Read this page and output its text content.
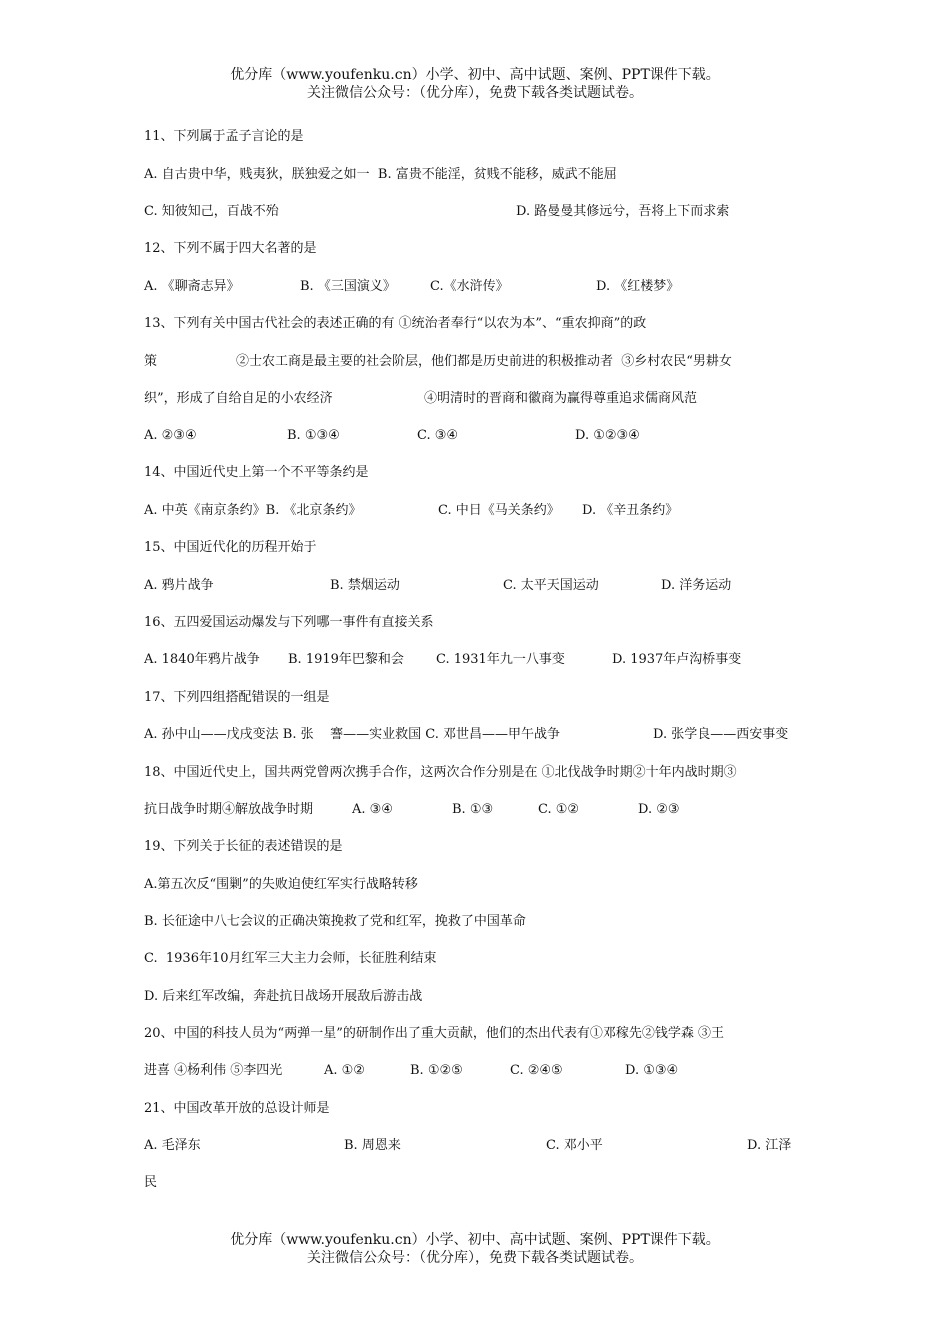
优分库（www.youfenku.cn）小学、初中、高中试题、案例、PPT课件下载。
关注微信公众号：（优分库），免费下载各类试题试卷。
11、下列属于孟子言论的是
A. 自古贵中华，贱夷狄，朕独爱之如一  B. 富贵不能淫，贫贱不能移，威武不能屈
C. 知彼知己，百战不殆	D. 路曼曼其修远兮，吾将上下而求索
12、下列不属于四大名著的是
A. 《聊斋志异》	B. 《三国演义》	C.《水浒传》	D. 《红楼梦》
13、下列有关中国古代社会的表述正确的有 ①统治者奉行“以农为本”、“重农抑商”的政
策	②士农工商是最主要的社会阶层，他们都是历史前进的积极推动者  ③乡村农民“男耕女
织”，形成了自给自足的小农经济	④明清时的晋商和徽商为赢得尊重追求儒商风范
A. ②③④	B. ①③④	C. ③④	D. ①②③④
14、中国近代史上第一个不平等条约是
A. 中英《南京条约》B. 《北京条约》	C. 中日《马关条约》 D. 《辛丑条约》
15、中国近代化的历程开始于
A. 鸦片战争	B. 禁烟运动	C. 太平天国运动	D. 洋务运动
16、五四爱国运动爆发与下列哪一事件有直接关系
A. 1840年鸦片战争 B. 1919年巴黎和会 C. 1931年九一八事变	D. 1937年卢沟桥事变
17、下列四组搭配错误的一组是
A. 孙中山——戊戌变法 B. 张    謇——实业救国 C. 邓世昌——甲午战争	D. 张学良——西安事变
18、中国近代史上，国共两党曾两次携手合作，这两次合作分别是在 ①北伐战争时期②十年内战时期③
抗日战争时期④解放战争时期	A. ③④	B. ①③	C. ①②	D. ②③
19、下列关于长征的表述错误的是
A.第五次反“围剿”的失败迫使红军实行战略转移
B. 长征途中八七会议的正确决策挽救了党和红军，挽救了中国革命
C.  1936年10月红军三大主力会师，长征胜利结束
D. 后来红军改编，奔赴抗日战场开展敌后游击战
20、中国的科技人员为“两弹一星”的研制作出了重大贡献，他们的杰出代表有①邓稼先②钱学森 ③王
进喜 ④杨利伟 ⑤李四光	A. ①②	B. ①②⑤	C. ②④⑤	D. ①③④
21、中国改革开放的总设计师是
A. 毛泽东	B. 周恩来	C. 邓小平	D. 江泽
民
优分库（www.youfenku.cn）小学、初中、高中试题、案例、PPT课件下载。
关注微信公众号：（优分库），免费下载各类试题试卷。
